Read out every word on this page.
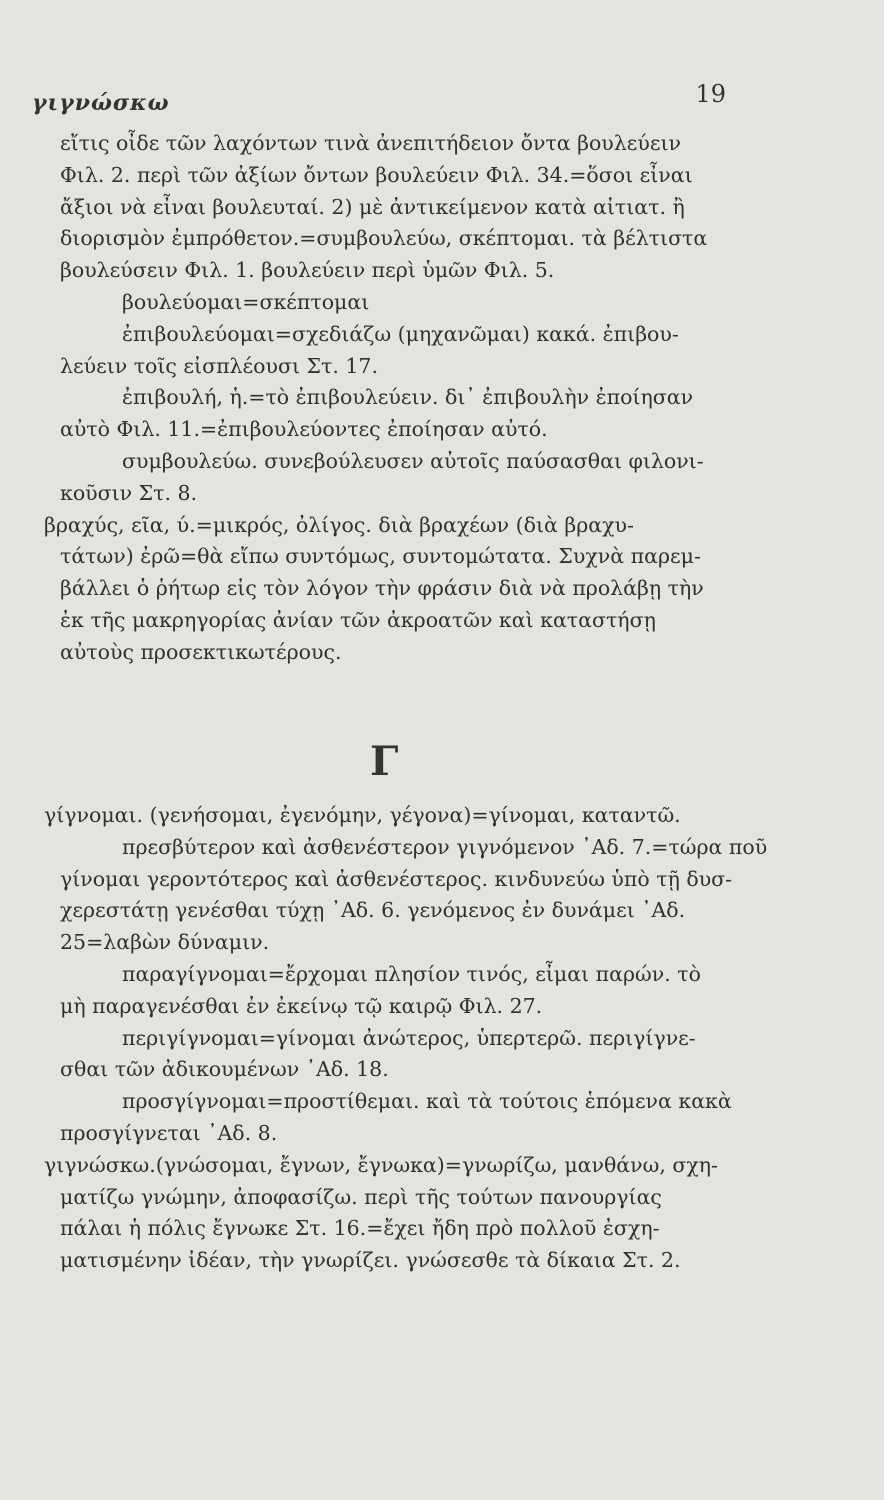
γιγνώσκω	19
εἴτις οἶδε τῶν λαχόντων τινὰ ἀνεπιτήδειον ὄντα βουλεύειν
Φιλ. 2. περὶ τῶν ἀξίων ὄντων βουλεύειν Φιλ. 34.=ὅσοι εἶναι
ἄξιοι νὰ εἶναι βουλευταί. 2) μὲ ἀντικείμενον κατὰ αἰτιατ. ἢ
διορισμὸν ἐμπρόθετον.=συμβουλεύω, σκέπτομαι. τὰ βέλτιστα
βουλεύσειν Φιλ. 1. βουλεύειν περὶ ὑμῶν Φιλ. 5.
βουλεύομαι=σκέπτομαι
ἐπιβουλεύομαι=σχεδιάζω (μηχανῶμαι) κακά. ἐπιβου-
λεύειν τοῖς εἰσπλέουσι Στ. 17.
ἐπιβουλή, ἡ.=τὸ ἐπιβουλεύειν. δι᾽ ἐπιβουλὴν ἐποίησαν
αὐτὸ Φιλ. 11.=ἐπιβουλεύοντες ἐποίησαν αὐτό.
συμβουλεύω. συνεβούλευσεν αὐτοῖς παύσασθαι φιλονι-
κοῦσιν Στ. 8.
βραχύς, εῖα, ύ.=μικρός, ὀλίγος. διὰ βραχέων (διὰ βραχυ-
τάτων) ἐρῶ=θὰ εἴπω συντόμως, συντομώτατα. Συχνὰ παρεμ-
βάλλει ὁ ῥήτωρ εἰς τὸν λόγον τὴν φράσιν διὰ νὰ προλάβῃ τὴν
ἐκ τῆς μακρηγορίας ἀνίαν τῶν ἀκροατῶν καὶ καταστήσῃ
αὐτοὺς προσεκτικωτέρους.
Γ
γίγνομαι. (γενήσομαι, ἐγενόμην, γέγονα)=γίνομαι, καταντῶ.
πρεσβύτερον καὶ ἀσθενέστερον γιγνόμενον ᾿Αδ. 7.=τώρα ποῦ
γίνομαι γεροντότερος καὶ ἀσθενέστερος. κινδυνεύω ὑπὸ τῇ δυσ-
χερεστάτῃ γενέσθαι τύχῃ ᾿Αδ. 6. γενόμενος ἐν δυνάμει ᾿Αδ.
25=λαβὼν δύναμιν.
παραγίγνομαι=ἔρχομαι πλησίον τινός, εἶμαι παρών. τὸ
μὴ παραγενέσθαι ἐν ἐκείνῳ τῷ καιρῷ Φιλ. 27.
περιγίγνομαι=γίνομαι ἀνώτερος, ὑπερτερῶ. περιγίγνε-
σθαι τῶν ἀδικουμένων ᾿Αδ. 18.
προσγίγνομαι=προστίθεμαι. καὶ τὰ τούτοις ἑπόμενα κακὰ
προσγίγνεται ᾿Αδ. 8.
γιγνώσκω.(γνώσομαι, ἔγνων, ἔγνωκα)=γνωρίζω, μανθάνω, σχη-
ματίζω γνώμην, ἀποφασίζω. περὶ τῆς τούτων πανουργίας
πάλαι ἡ πόλις ἔγνωκε Στ. 16.=ἔχει ἤδη πρὸ πολλοῦ ἐσχη-
ματισμένην ἰδέαν, τὴν γνωρίζει. γνώσεσθε τὰ δίκαια Στ. 2.
